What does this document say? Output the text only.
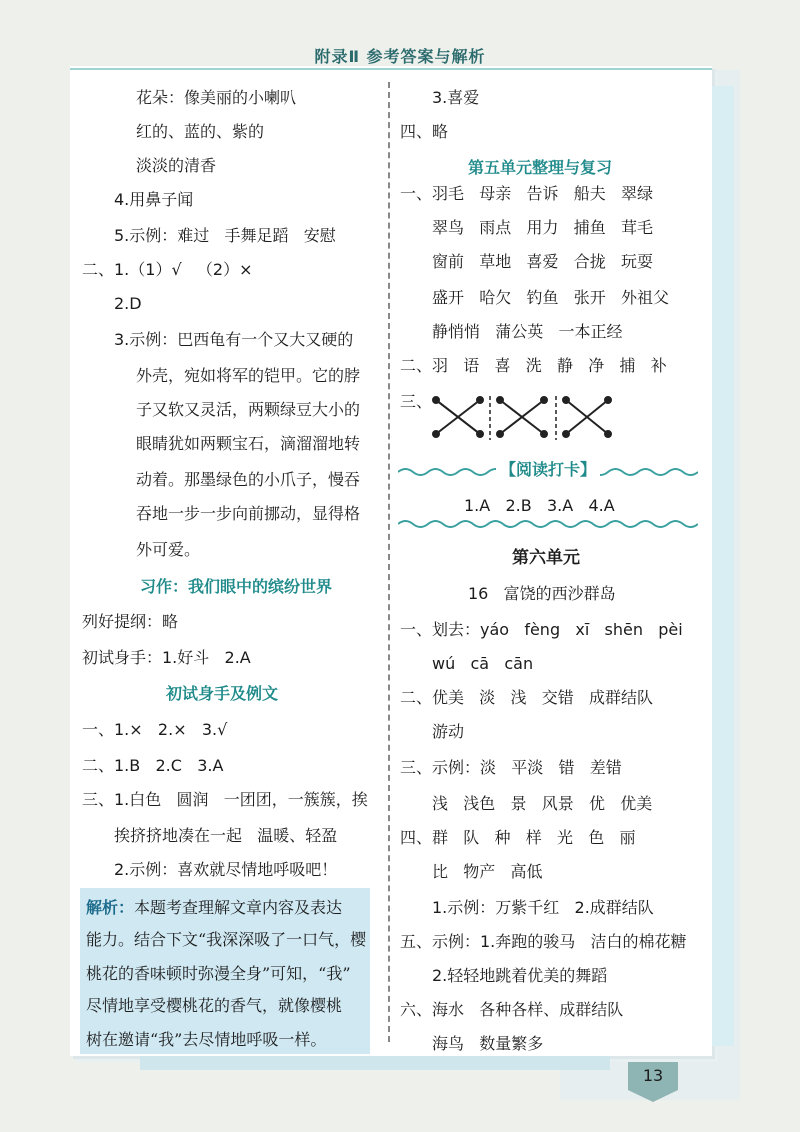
附录Ⅱ 参考答案与解析
花朵：像美丽的小喇叭
红的、蓝的、紫的
淡淡的清香
4.用鼻子闻
5.示例：难过   手舞足蹈   安慰
二、1.（1）√   （2）×
2.D
3.示例：巴西龟有一个又大又硬的
外壳，宛如将军的铠甲。它的脖
子又软又灵活，两颗绿豆大小的
眼睛犹如两颗宝石，滴溜溜地转
动着。那墨绿色的小爪子，慢吞
吞地一步一步向前挪动，显得格
外可爱。
习作：我们眼中的缤纷世界
列好提纲：略
初试身手：1.好斗   2.A
初试身手及例文
一、1.×   2.×   3.√
二、1.B   2.C   3.A
三、1.白色   圆润   一团团，一簇簇，挨
挨挤挤地凑在一起   温暖、轻盈
2.示例：喜欢就尽情地呼吸吧！
解析：本题考查理解文章内容及表达
能力。结合下文“我深深吸了一口气，樱
桃花的香味顿时弥漫全身”可知，“我”
尽情地享受樱桃花的香气，就像樱桃
树在邀请“我”去尽情地呼吸一样。
3.喜爱
四、略
第五单元整理与复习
一、羽毛   母亲   告诉   船夫   翠绿
翠鸟   雨点   用力   捕鱼   茸毛
窗前   草地   喜爱   合拢   玩耍
盛开   哈欠   钓鱼   张开   外祖父
静悄悄   蒲公英   一本正经
二、羽   语   喜   洗   静   净   捕   补
三、
【阅读打卡】
1.A   2.B   3.A   4.A
第六单元
16   富饶的西沙群岛
一、划去：yáo   fèng   xī   shēn   pèi
wú   cā   cān
二、优美   淡   浅   交错   成群结队
游动
三、示例：淡   平淡   错   差错
浅   浅色   景   风景   优   优美
四、群   队   种   样   光   色   丽
比   物产   高低
1.示例：万紫千红   2.成群结队
五、示例：1.奔跑的骏马   洁白的棉花糖
2.轻轻地跳着优美的舞蹈
六、海水   各种各样、成群结队
海鸟   数量繁多
13
